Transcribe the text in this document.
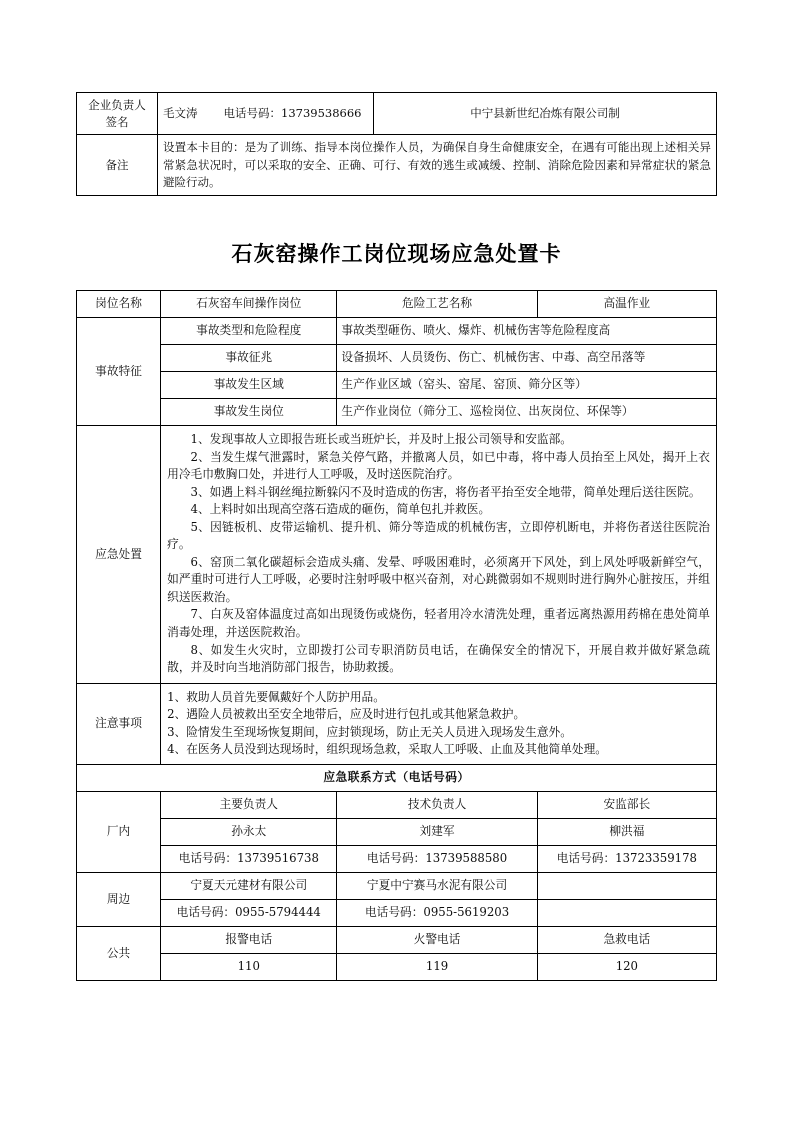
企业负责人
签名

毛文涛 电话号码：13739538666	中宁县新世纪冶炼有限公司制
备注	设置本卡目的：是为了训练、指导本岗位操作人员，为确保自身生命健康安全，在遇有可能出现上述相关异常紧急状况时，可以采取的安全、正确、可行、有效的逃生或减缓、控制、消除危险因素和异常症状的紧急避险行动。	
石灰窑操作工岗位现场应急处置卡
岗位名称	石灰窑车间操作岗位	危险工艺名称	高温作业
事故特征	事故类型和危险程度	事故类型砸伤、喷火、爆炸、机械伤害等危险程度高	
	事故征兆	设备损坏、人员烫伤、伤亡、机械伤害、中毒、高空吊落等	
	事故发生区域	生产作业区域（窑头、窑尾、窑顶、筛分区等）	
	事故发生岗位	生产作业岗位（筛分工、巡检岗位、出灰岗位、环保等）	
应急处置	

1、发现事故人立即报告班长或当班炉长，并及时上报公司领导和安监部。

2、当发生煤气泄露时，紧急关停气路，并撤离人员，如已中毒，将中毒人员抬至上风处，揭开上衣用冷毛巾敷胸口处，并进行人工呼吸，及时送医院治疗。

3、如遇上料斗钢丝绳拉断躲闪不及时造成的伤害，将伤者平抬至安全地带，简单处理后送往医院。

4、上料时如出现高空落石造成的砸伤，简单包扎并救医。

5、因链板机、皮带运输机、提升机、筛分等造成的机械伤害，立即停机断电，并将伤者送往医院治疗。

6、窑顶二氧化碳超标会造成头痛、发晕、呼吸困难时，必须离开下风处，到上风处呼吸新鲜空气，如严重时可进行人工呼吸，必要时注射呼吸中枢兴奋剂，对心跳微弱如不规则时进行胸外心脏按压，并组织送医救治。

7、白灰及窑体温度过高如出现烫伤或烧伤，轻者用冷水清洗处理，重者远离热源用药棉在患处简单消毒处理，并送医院救治。

8、如发生火灾时，立即拨打公司专职消防员电话，在确保安全的情况下，开展自救并做好紧急疏散，并及时向当地消防部门报告，协助救援。

注意事项	1、救助人员首先要佩戴好个人防护用品。

2、遇险人员被救出至安全地带后，应及时进行包扎或其他紧急救护。

3、险情发生至现场恢复期间，应封锁现场，防止无关人员进入现场发生意外。

4、在医务人员没到达现场时，组织现场急救，采取人工呼吸、止血及其他简单处理。		

应急联系方式（电话号码）			
厂内	主要负责人	技术负责人	安监部长
	孙永太	刘建军	柳洪福
	电话号码：13739516738	电话号码：13739588580	电话号码：13723359178
周边	宁夏天元建材有限公司	宁夏中宁赛马水泥有限公司	
	电话号码：0955-5794444	电话号码：0955-5619203	
公共	报警电话	火警电话	急救电话
	110	119	120
